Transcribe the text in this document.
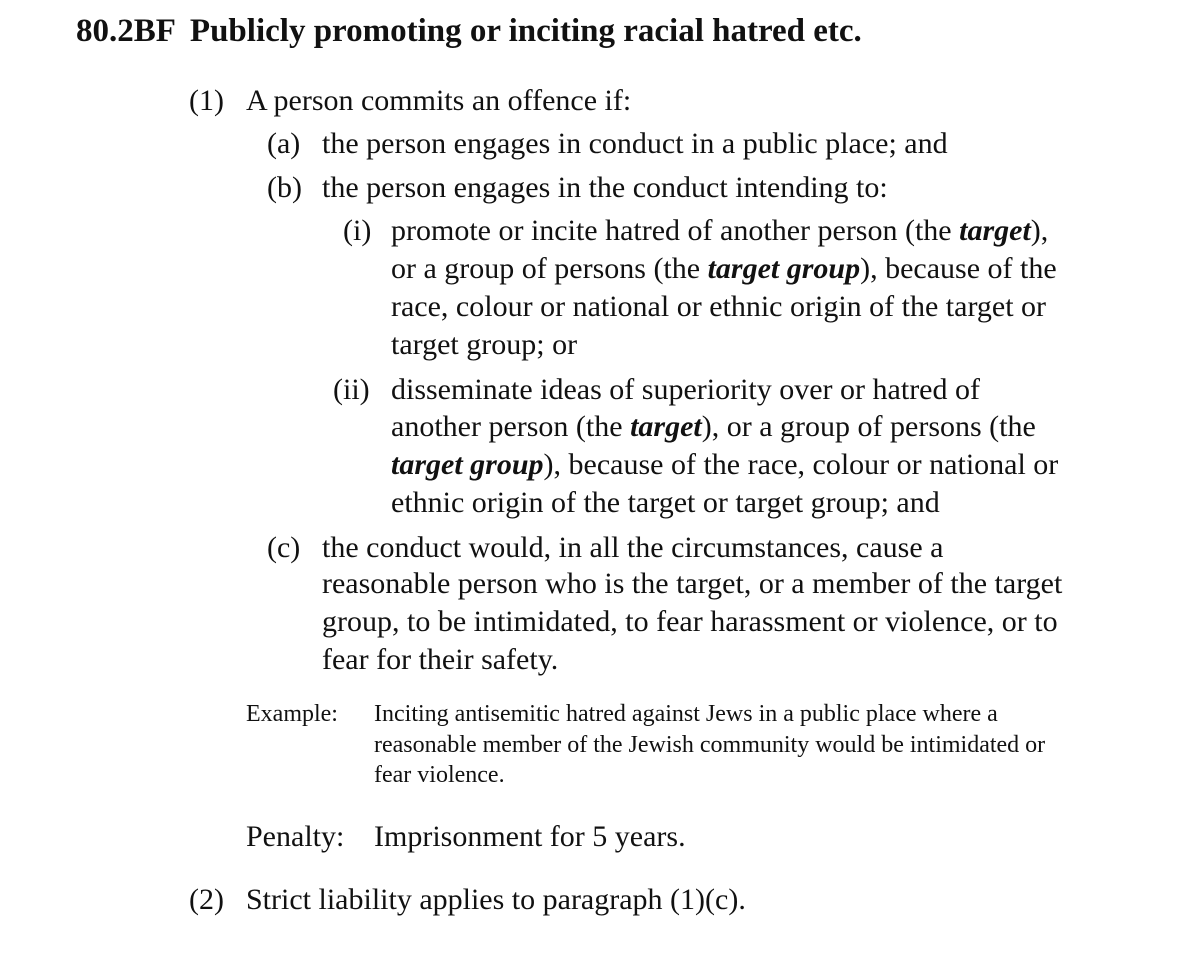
80.2BF Publicly promoting or inciting racial hatred etc.
(1) A person commits an offence if:
(a) the person engages in conduct in a public place; and
(b) the person engages in the conduct intending to:
(i) promote or incite hatred of another person (the target),
or a group of persons (the target group), because of the
race, colour or national or ethnic origin of the target or
target group; or
(ii) disseminate ideas of superiority over or hatred of
another person (the target), or a group of persons (the
target group), because of the race, colour or national or
ethnic origin of the target or target group; and
(c) the conduct would, in all the circumstances, cause a
reasonable person who is the target, or a member of the target
group, to be intimidated, to fear harassment or violence, or to
fear for their safety.
Example: Inciting antisemitic hatred against Jews in a public place where a
reasonable member of the Jewish community would be intimidated or
fear violence.
Penalty: Imprisonment for 5 years.
(2) Strict liability applies to paragraph (1)(c).
